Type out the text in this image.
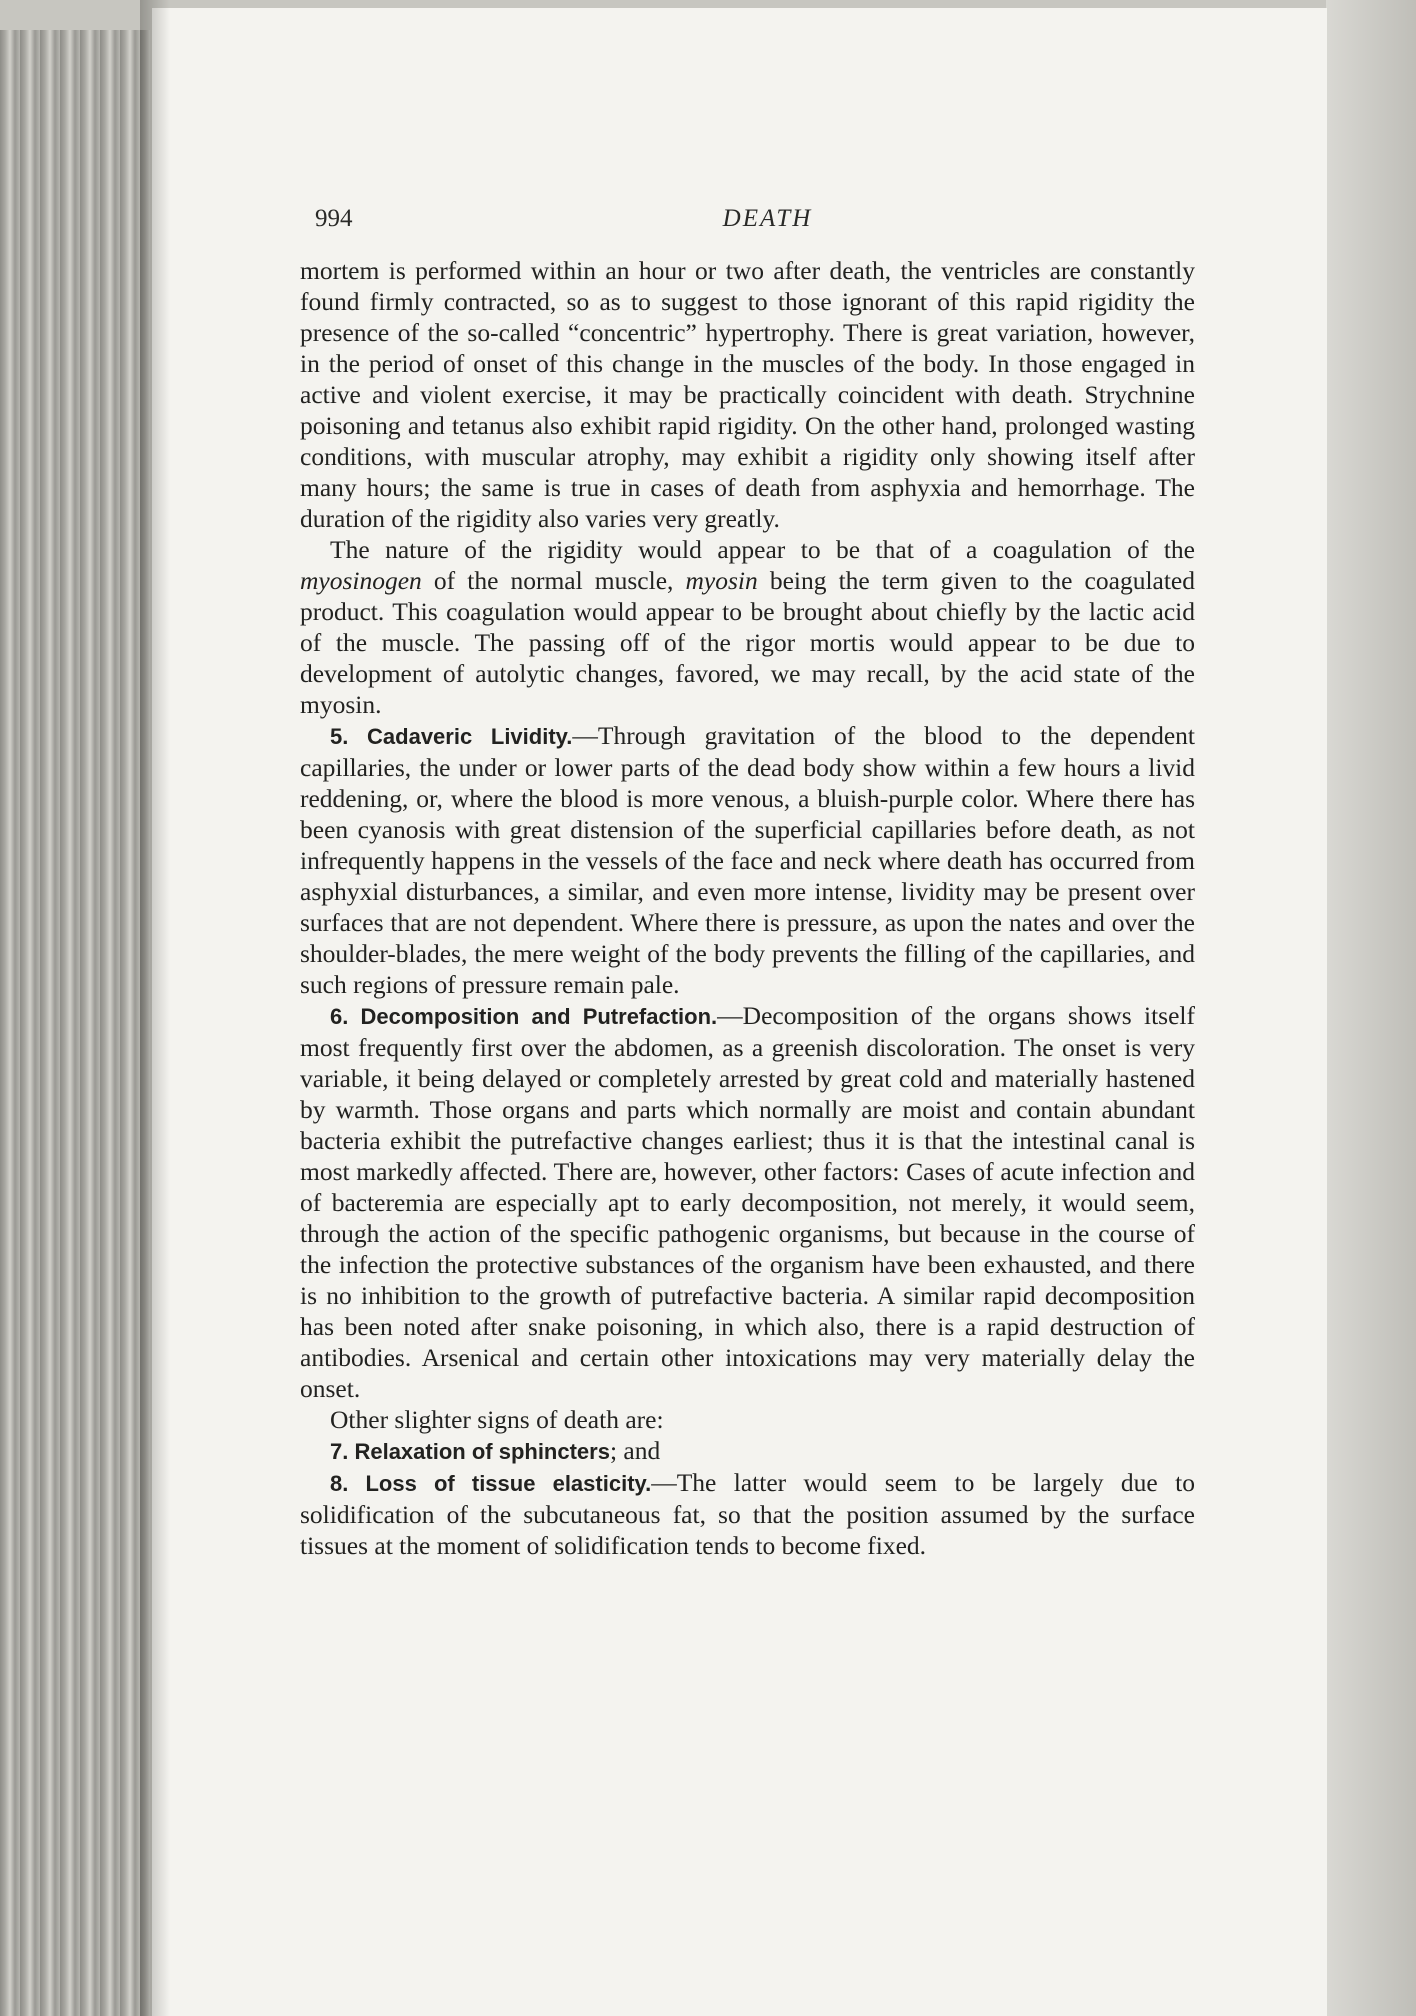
994	DEATH

mortem is performed within an hour or two after death, the ventricles are constantly found firmly contracted, so as to suggest to those ignorant of this rapid rigidity the presence of the so-called “concentric” hypertrophy. There is great variation, however, in the period of onset of this change in the muscles of the body. In those engaged in active and violent exercise, it may be practically coincident with death. Strychnine poisoning and tetanus also exhibit rapid rigidity. On the other hand, prolonged wasting conditions, with muscular atrophy, may exhibit a rigidity only showing itself after many hours; the same is true in cases of death from asphyxia and hemorrhage. The duration of the rigidity also varies very greatly.

The nature of the rigidity would appear to be that of a coagulation of the myosinogen of the normal muscle, myosin being the term given to the coagulated product. This coagulation would appear to be brought about chiefly by the lactic acid of the muscle. The passing off of the rigor mortis would appear to be due to development of autolytic changes, favored, we may recall, by the acid state of the myosin.

5. Cadaveric Lividity.—Through gravitation of the blood to the dependent capillaries, the under or lower parts of the dead body show within a few hours a livid reddening, or, where the blood is more venous, a bluish-purple color. Where there has been cyanosis with great distension of the superficial capillaries before death, as not infrequently happens in the vessels of the face and neck where death has occurred from asphyxial disturbances, a similar, and even more intense, lividity may be present over surfaces that are not dependent. Where there is pressure, as upon the nates and over the shoulder-blades, the mere weight of the body prevents the filling of the capillaries, and such regions of pressure remain pale.

6. Decomposition and Putrefaction.—Decomposition of the organs shows itself most frequently first over the abdomen, as a greenish discoloration. The onset is very variable, it being delayed or completely arrested by great cold and materially hastened by warmth. Those organs and parts which normally are moist and contain abundant bacteria exhibit the putrefactive changes earliest; thus it is that the intestinal canal is most markedly affected. There are, however, other factors: Cases of acute infection and of bacteremia are especially apt to early decomposition, not merely, it would seem, through the action of the specific pathogenic organisms, but because in the course of the infection the protective substances of the organism have been exhausted, and there is no inhibition to the growth of putrefactive bacteria. A similar rapid decomposition has been noted after snake poisoning, in which also, there is a rapid destruction of antibodies. Arsenical and certain other intoxications may very materially delay the onset.

Other slighter signs of death are:

7. Relaxation of sphincters; and

8. Loss of tissue elasticity.—The latter would seem to be largely due to solidification of the subcutaneous fat, so that the position assumed by the surface tissues at the moment of solidification tends to become fixed.
